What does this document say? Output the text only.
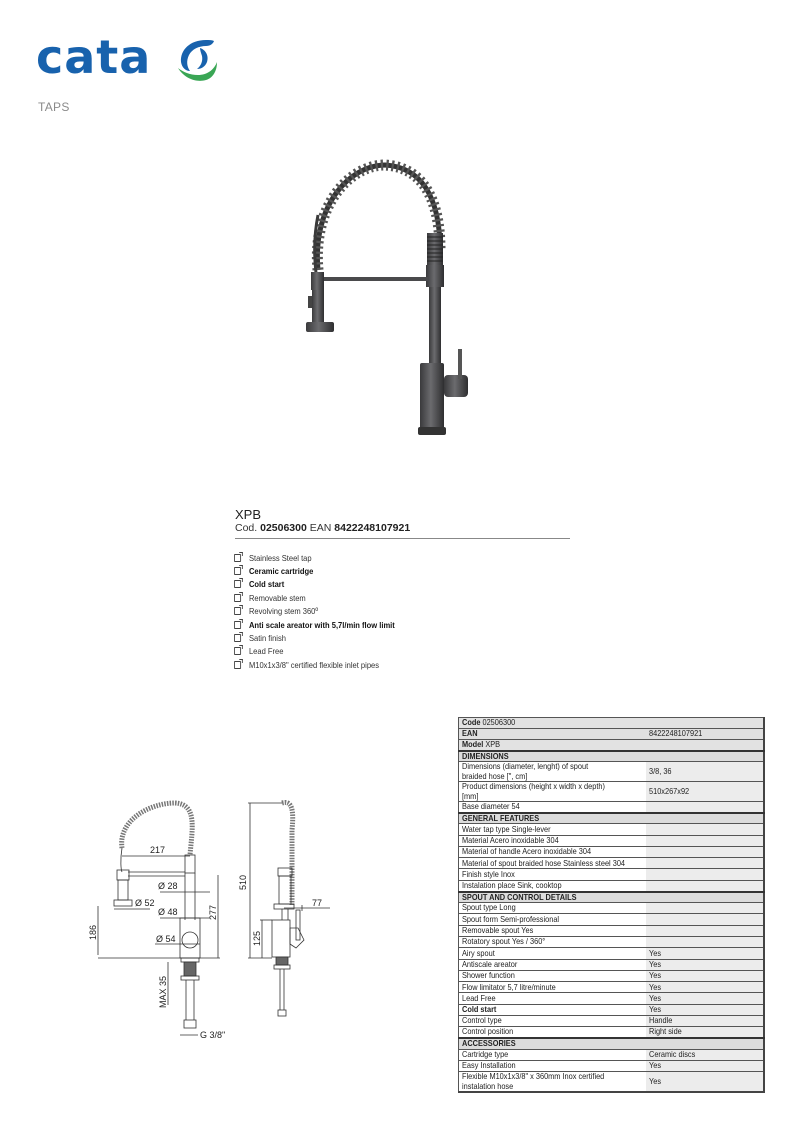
cata
TAPS
XPB
Cod. 02506300 EAN 8422248107921
Stainless Steel tap
Ceramic cartridge
Cold start
Removable stem
Revolving stem 360º
Anti scale areator with 5,7l/min flow limit
Satin finish
Lead Free
M10x1x3/8" certified flexible inlet pipes
217
Ø 28
Ø 52
Ø 48
Ø 54
277
186
MAX 35
G 3/8"
510
125
77
Code 02506300	
EAN	8422248107921
Model XPB	
DIMENSIONS	
Dimensions (diameter, lenght) of spout braided hose [", cm]	3/8, 36
Product dimensions (height x width x depth) [mm]	510x267x92
Base diameter 54	
GENERAL FEATURES	
Water tap type Single-lever	
Material Acero inoxidable 304	
Material of handle Acero inoxidable 304	
Material of spout braided hose Stainless steel 304	
Finish style Inox	
Instalation place Sink, cooktop	
SPOUT AND CONTROL DETAILS	
Spout type Long	
Spout form Semi-professional	
Removable spout Yes	
Rotatory spout Yes / 360°	
Airy spout	Yes
Antiscale areator	Yes
Shower function	Yes
Flow limitator 5,7 litre/minute	Yes
Lead Free	Yes
Cold start	Yes
Control type	Handle
Control position	Right side
ACCESSORIES	
Cartridge type	Ceramic discs
Easy Installation	Yes
Flexible M10x1x3/8" x 360mm Inox certified instalation hose	Yes
